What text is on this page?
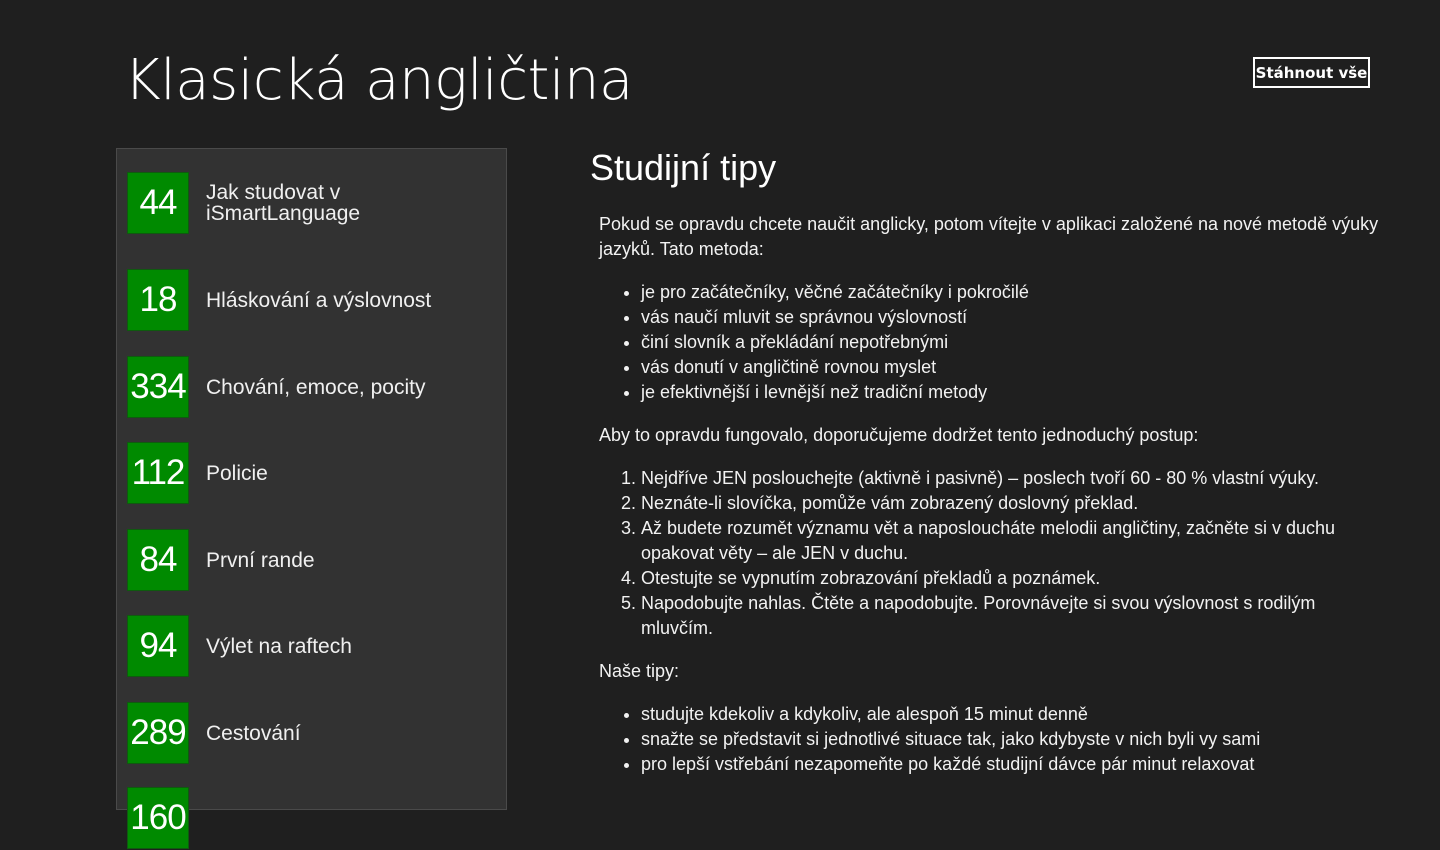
Klasická angličtina	Stáhnout vše
44	Jak studovat v iSmartLanguage
18	Hláskování a výslovnost
334 Chování, emoce, pocity
112 Policie
84	První rande
94	Výlet na raftech
289 Cestování
160
Studijní tipy

Pokud se opravdu chcete naučit anglicky, potom vítejte v aplikaci založené na nové metodě výuky jazyků. Tato metoda:

• je pro začátečníky, věčné začátečníky i pokročilé
• vás naučí mluvit se správnou výslovností
• činí slovník a překládání nepotřebnými
• vás donutí v angličtině rovnou myslet
• je efektivnější i levnější než tradiční metody

Aby to opravdu fungovalo, doporučujeme dodržet tento jednoduchý postup:

1. Nejdříve JEN poslouchejte (aktivně i pasivně) – poslech tvoří 60 - 80 % vlastní výuky.
2. Neznáte-li slovíčka, pomůže vám zobrazený doslovný překlad.
3. Až budete rozumět významu vět a naposloucháte melodii angličtiny, začněte si v duchu opakovat věty – ale JEN v duchu.
4. Otestujte se vypnutím zobrazování překladů a poznámek.
5. Napodobujte nahlas. Čtěte a napodobujte. Porovnávejte si svou výslovnost s rodilým mluvčím.

Naše tipy:

• studujte kdekoliv a kdykoliv, ale alespoň 15 minut denně
• snažte se představit si jednotlivé situace tak, jako kdybyste v nich byli vy sami
• pro lepší vstřebání nezapomeňte po každé studijní dávce pár minut relaxovat
